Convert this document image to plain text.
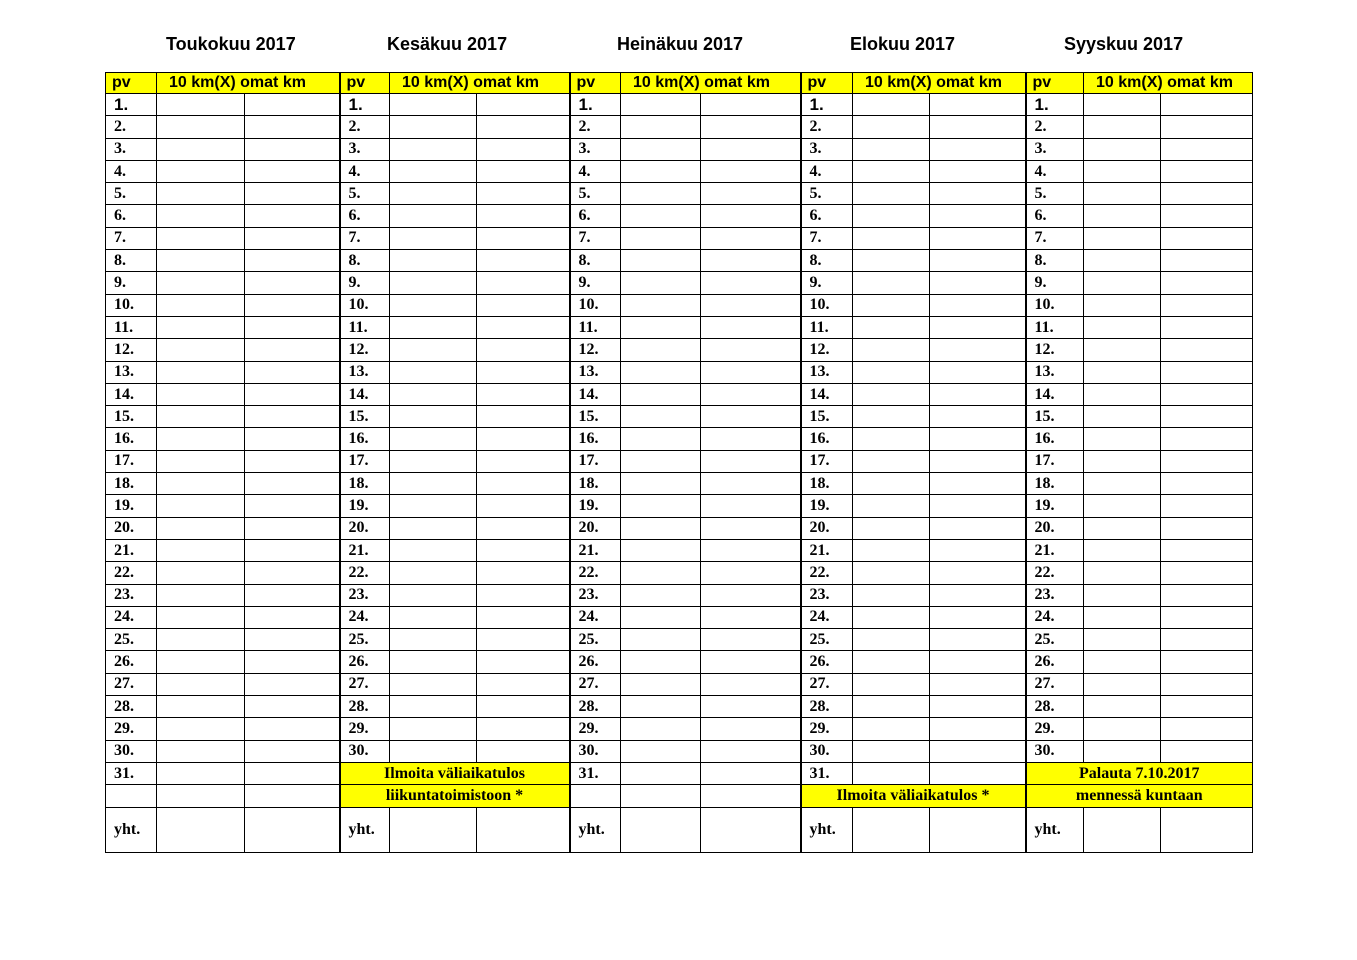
Toukokuu 2017	Kesäkuu 2017	Heinäkuu 2017	Elokuu 2017	Syyskuu 2017
pv	10 km(X) omat km		pv	10 km(X) omat km		pv	10 km(X) omat km		pv	10 km(X) omat km		pv	10 km(X) omat km	
1.			1.			1.			1.			1.		
2.			2.			2.			2.			2.		
3.			3.			3.			3.			3.		
4.			4.			4.			4.			4.		
5.			5.			5.			5.			5.		
6.			6.			6.			6.			6.		
7.			7.			7.			7.			7.		
8.			8.			8.			8.			8.		
9.			9.			9.			9.			9.		
10.			10.			10.			10.			10.		
11.			11.			11.			11.			11.		
12.			12.			12.			12.			12.		
13.			13.			13.			13.			13.		
14.			14.			14.			14.			14.		
15.			15.			15.			15.			15.		
16.			16.			16.			16.			16.		
17.			17.			17.			17.			17.		
18.			18.			18.			18.			18.		
19.			19.			19.			19.			19.		
20.			20.			20.			20.			20.		
21.			21.			21.			21.			21.		
22.			22.			22.			22.			22.		
23.			23.			23.			23.			23.		
24.			24.			24.			24.			24.		
25.			25.			25.			25.			25.		
26.			26.			26.			26.			26.		
27.			27.			27.			27.			27.		
28.			28.			28.			28.			28.		
29.			29.			29.			29.			29.		
30.			30.			30.			30.			30.		
31.			Ilmoita väliaikatulos			31.			31.			Palauta 7.10.2017		
			liikuntatoimistoon *						Ilmoita väliaikatulos *			mennessä kuntaan		
yht.			yht.			yht.			yht.			yht.		
